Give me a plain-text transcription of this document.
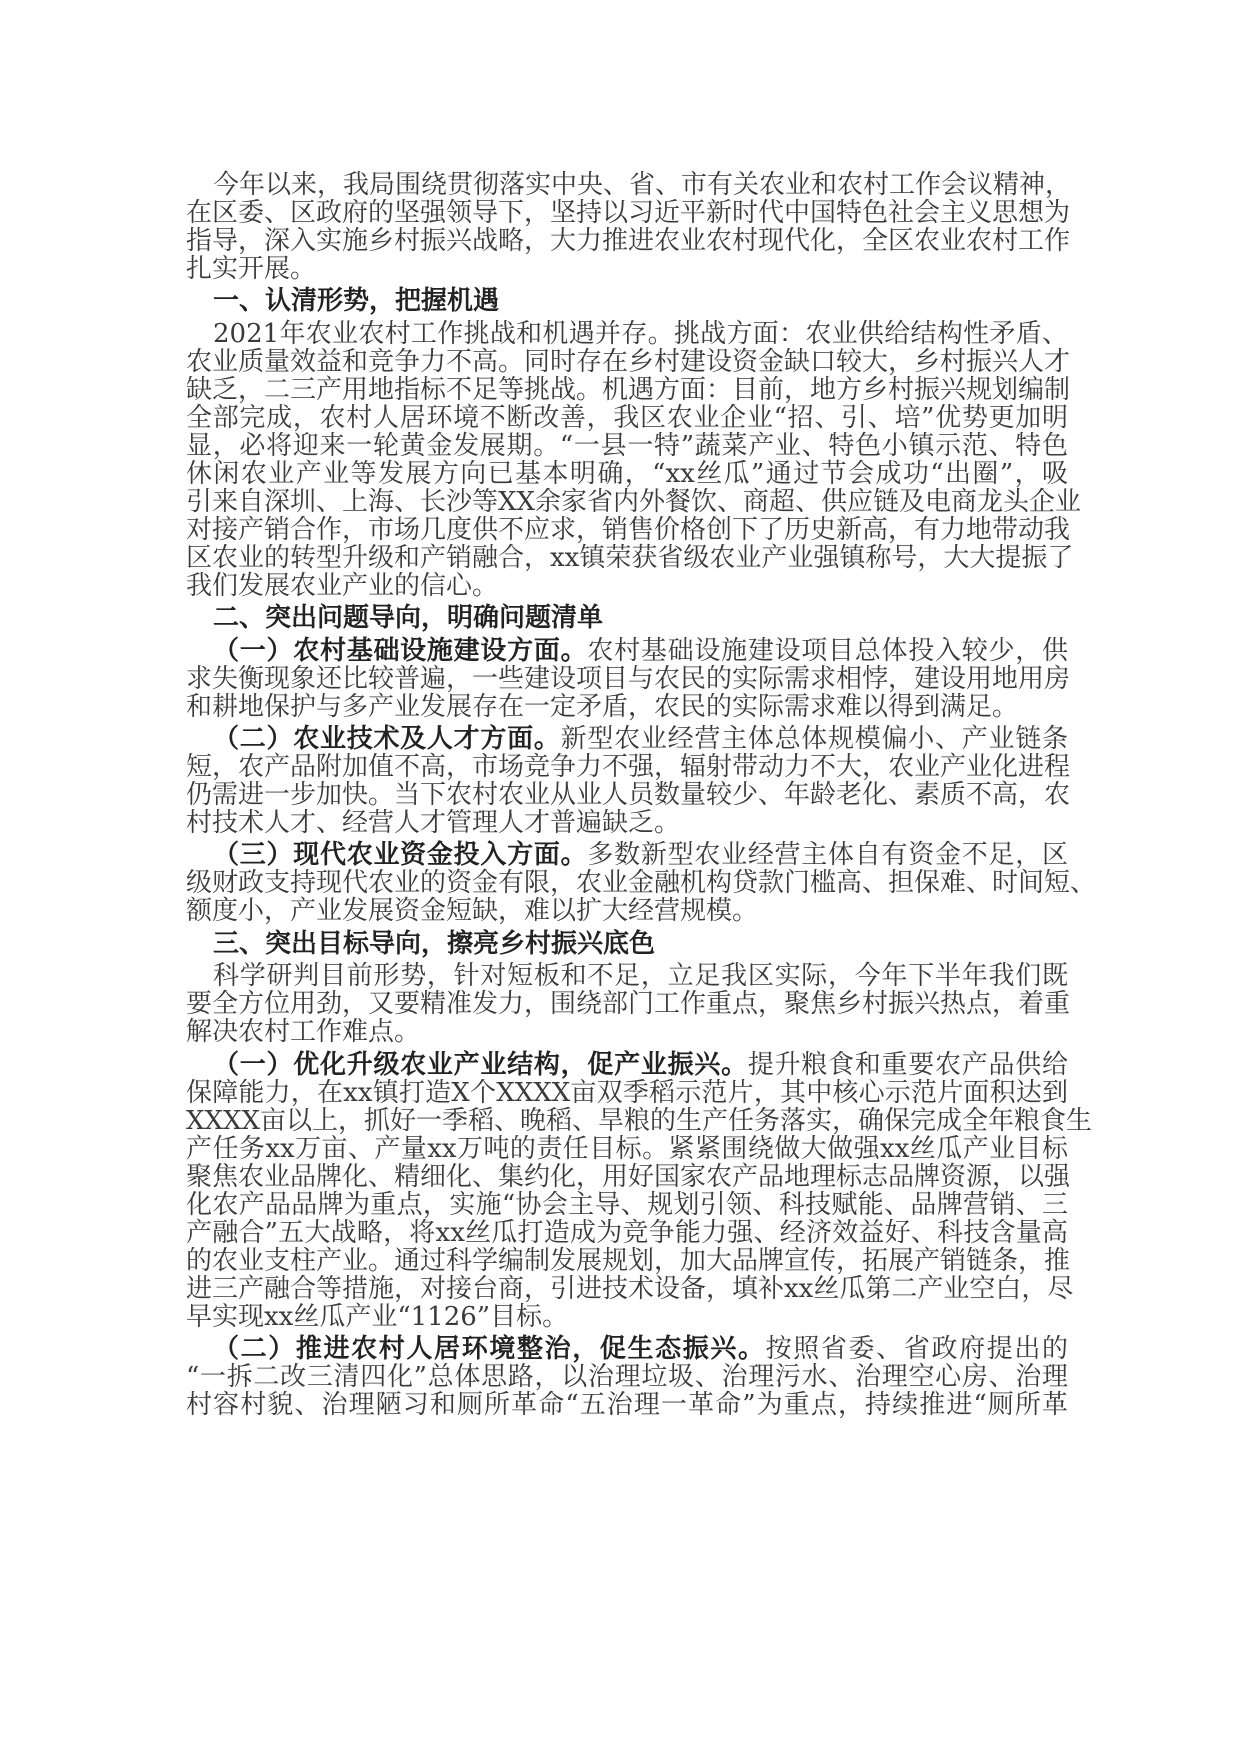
今年以来，我局围绕贯彻落实中央、省、市有关农业和农村工作会议精神，
在区委、区政府的坚强领导下，坚持以习近平新时代中国特色社会主义思想为
指导，深入实施乡村振兴战略，大力推进农业农村现代化，全区农业农村工作
扎实开展。
一、认清形势，把握机遇
2021年农业农村工作挑战和机遇并存。挑战方面：农业供给结构性矛盾、
农业质量效益和竞争力不高。同时存在乡村建设资金缺口较大，乡村振兴人才
缺乏，二三产用地指标不足等挑战。机遇方面：目前，地方乡村振兴规划编制
全部完成，农村人居环境不断改善，我区农业企业“招、引、培”优势更加明
显，必将迎来一轮黄金发展期。“一县一特”蔬菜产业、特色小镇示范、特色
休闲农业产业等发展方向已基本明确，“xx丝瓜”通过节会成功“出圈”，吸
引来自深圳、上海、长沙等XX余家省内外餐饮、商超、供应链及电商龙头企业
对接产销合作，市场几度供不应求，销售价格创下了历史新高，有力地带动我
区农业的转型升级和产销融合，xx镇荣获省级农业产业强镇称号，大大提振了
我们发展农业产业的信心。
二、突出问题导向，明确问题清单
（一）农村基础设施建设方面。农村基础设施建设项目总体投入较少，供
求失衡现象还比较普遍，一些建设项目与农民的实际需求相悖，建设用地用房
和耕地保护与多产业发展存在一定矛盾，农民的实际需求难以得到满足。
（二）农业技术及人才方面。新型农业经营主体总体规模偏小、产业链条
短，农产品附加值不高，市场竞争力不强，辐射带动力不大，农业产业化进程
仍需进一步加快。当下农村农业从业人员数量较少、年龄老化、素质不高，农
村技术人才、经营人才管理人才普遍缺乏。
（三）现代农业资金投入方面。多数新型农业经营主体自有资金不足，区
级财政支持现代农业的资金有限，农业金融机构贷款门槛高、担保难、时间短、
额度小，产业发展资金短缺，难以扩大经营规模。
三、突出目标导向，擦亮乡村振兴底色
科学研判目前形势，针对短板和不足，立足我区实际，今年下半年我们既
要全方位用劲，又要精准发力，围绕部门工作重点，聚焦乡村振兴热点，着重
解决农村工作难点。
（一）优化升级农业产业结构，促产业振兴。提升粮食和重要农产品供给
保障能力，在xx镇打造X个XXXX亩双季稻示范片，其中核心示范片面积达到
XXXX亩以上，抓好一季稻、晚稻、旱粮的生产任务落实，确保完成全年粮食生
产任务xx万亩、产量xx万吨的责任目标。紧紧围绕做大做强xx丝瓜产业目标
聚焦农业品牌化、精细化、集约化，用好国家农产品地理标志品牌资源，以强
化农产品品牌为重点，实施“协会主导、规划引领、科技赋能、品牌营销、三
产融合”五大战略，将xx丝瓜打造成为竞争能力强、经济效益好、科技含量高
的农业支柱产业。通过科学编制发展规划，加大品牌宣传，拓展产销链条，推
进三产融合等措施，对接台商，引进技术设备，填补xx丝瓜第二产业空白，尽
早实现xx丝瓜产业“1126”目标。
（二）推进农村人居环境整治，促生态振兴。按照省委、省政府提出的
“一拆二改三清四化”总体思路，以治理垃圾、治理污水、治理空心房、治理
村容村貌、治理陋习和厕所革命“五治理一革命”为重点，持续推进“厕所革
